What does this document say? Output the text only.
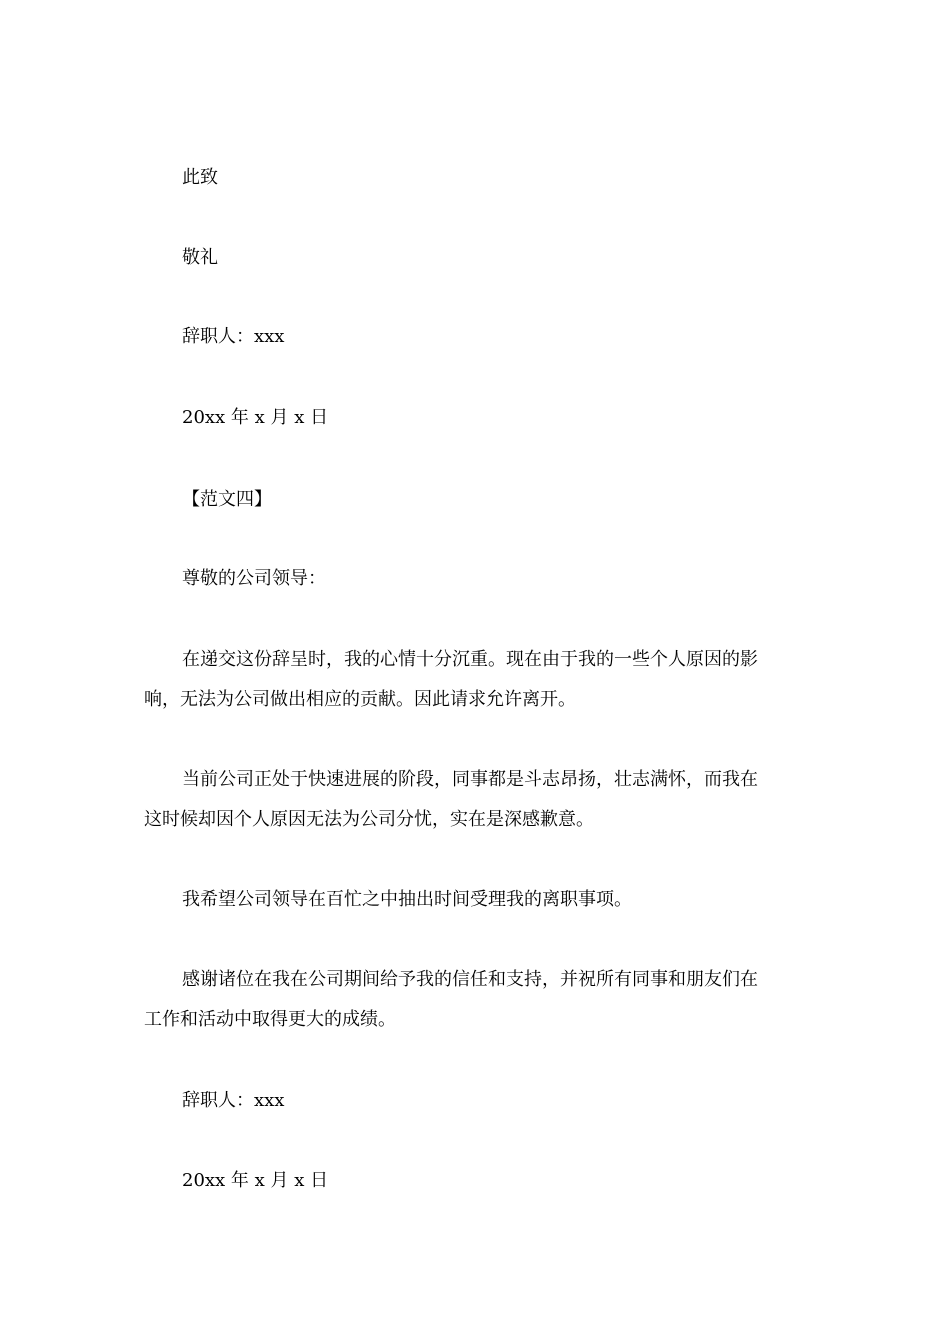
此致
敬礼
辞职人：xxx
20xx 年 x 月 x 日
【范文四】
尊敬的公司领导：
在递交这份辞呈时，我的心情十分沉重。现在由于我的一些个人原因的影
响，无法为公司做出相应的贡献。因此请求允许离开。
当前公司正处于快速进展的阶段，同事都是斗志昂扬，壮志满怀，而我在
这时候却因个人原因无法为公司分忧，实在是深感歉意。
我希望公司领导在百忙之中抽出时间受理我的离职事项。
感谢诸位在我在公司期间给予我的信任和支持，并祝所有同事和朋友们在
工作和活动中取得更大的成绩。
辞职人：xxx
20xx 年 x 月 x 日
